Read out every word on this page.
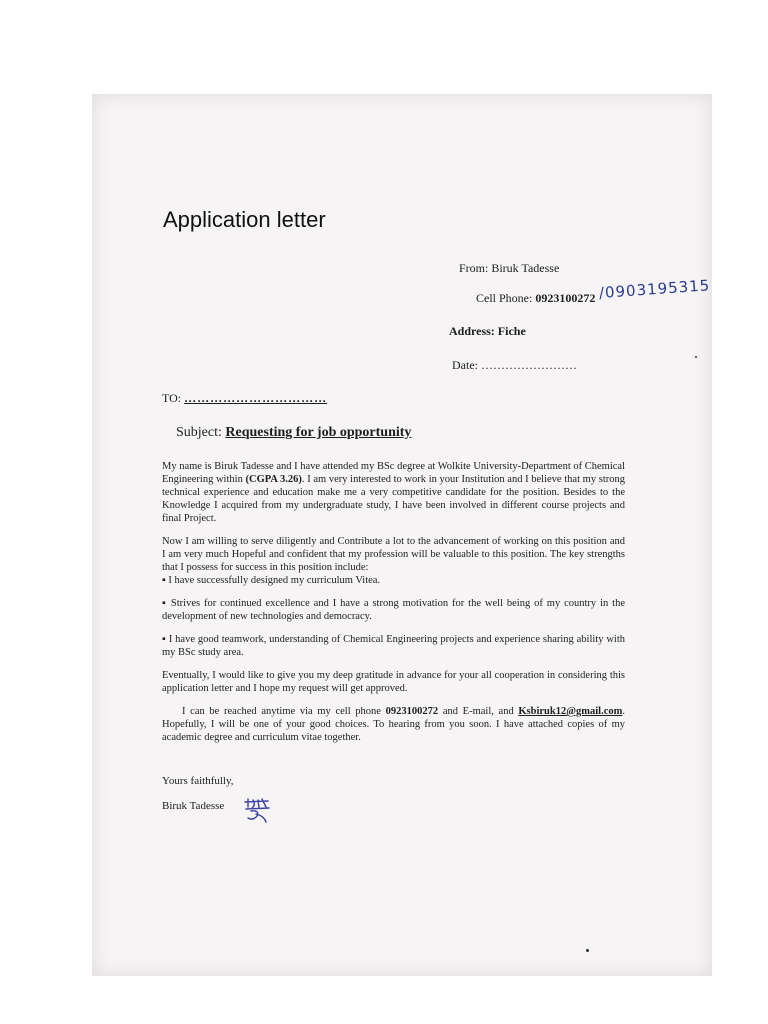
Application letter
From: Biruk Tadesse
Cell Phone: 0923100272 /0903195315
Address: Fiche
Date: ……………………
TO: ……………………………
Subject: Requesting for job opportunity

My name is Biruk Tadesse and I have attended my BSc degree at Wolkite University-Department of Chemical Engineering within (CGPA 3.26). I am very interested to work in your Institution and I believe that my strong technical experience and education make me a very competitive candidate for the position. Besides to the Knowledge I acquired from my undergraduate study, I have been involved in different course projects and final Project.

Now I am willing to serve diligently and Contribute a lot to the advancement of working on this position and I am very much Hopeful and confident that my profession will be valuable to this position. The key strengths that I possess for success in this position include:

▪ I have successfully designed my curriculum Vitea.

▪ Strives for continued excellence and I have a strong motivation for the well being of my country in the development of new technologies and democracy.

▪ I have good teamwork, understanding of Chemical Engineering projects and experience sharing ability with my BSc study area.

Eventually, I would like to give you my deep gratitude in advance for your all cooperation in considering this application letter and I hope my request will get approved.

I can be reached anytime via my cell phone 0923100272 and E-mail, and Ksbiruk12@gmail.com. Hopefully, I will be one of your good choices. To hearing from you soon. I have attached copies of my academic degree and curriculum vitae together.

Yours faithfully,
Biruk Tadesse
